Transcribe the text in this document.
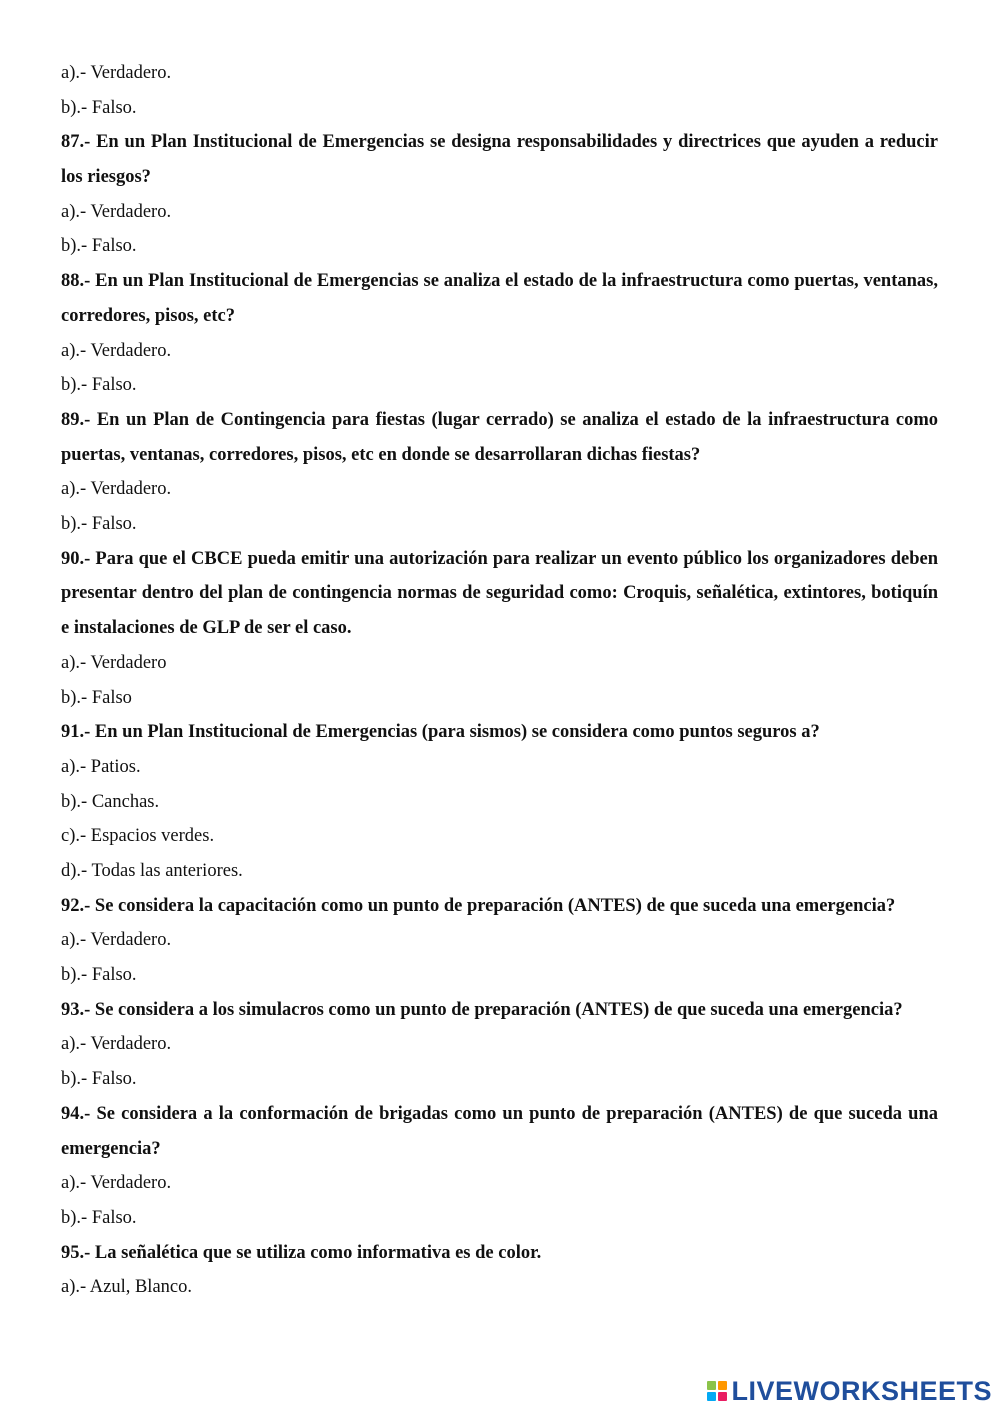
a).- Verdadero.
b).- Falso.
87.- En un Plan Institucional de Emergencias se designa responsabilidades y directrices que ayuden a reducir los riesgos?
a).- Verdadero.
b).- Falso.
88.- En un Plan Institucional de Emergencias se analiza el estado de la infraestructura como puertas, ventanas, corredores, pisos, etc?
a).- Verdadero.
b).- Falso.
89.- En un Plan de Contingencia para fiestas (lugar cerrado) se analiza el estado de la infraestructura como puertas, ventanas, corredores, pisos, etc en donde se desarrollaran dichas fiestas?
a).- Verdadero.
b).- Falso.
90.- Para que el CBCE pueda emitir una autorización para realizar un evento público los organizadores deben presentar dentro del plan de contingencia normas de seguridad como: Croquis, señalética, extintores, botiquín e instalaciones de GLP de ser el caso.
a).- Verdadero
b).- Falso
91.- En un Plan Institucional de Emergencias (para sismos) se considera como puntos seguros a?
a).- Patios.
b).- Canchas.
c).- Espacios verdes.
d).- Todas las anteriores.
92.- Se considera la capacitación como un punto de preparación (ANTES) de que suceda una emergencia?
a).- Verdadero.
b).- Falso.
93.- Se considera a los simulacros como un punto de preparación (ANTES) de que suceda una emergencia?
a).- Verdadero.
b).- Falso.
94.- Se considera a la conformación de brigadas como un punto de preparación (ANTES) de que suceda una emergencia?
a).- Verdadero.
b).- Falso.
95.- La señalética que se utiliza como informativa es de color.
a).- Azul, Blanco.
LIVEWORKSHEETS
